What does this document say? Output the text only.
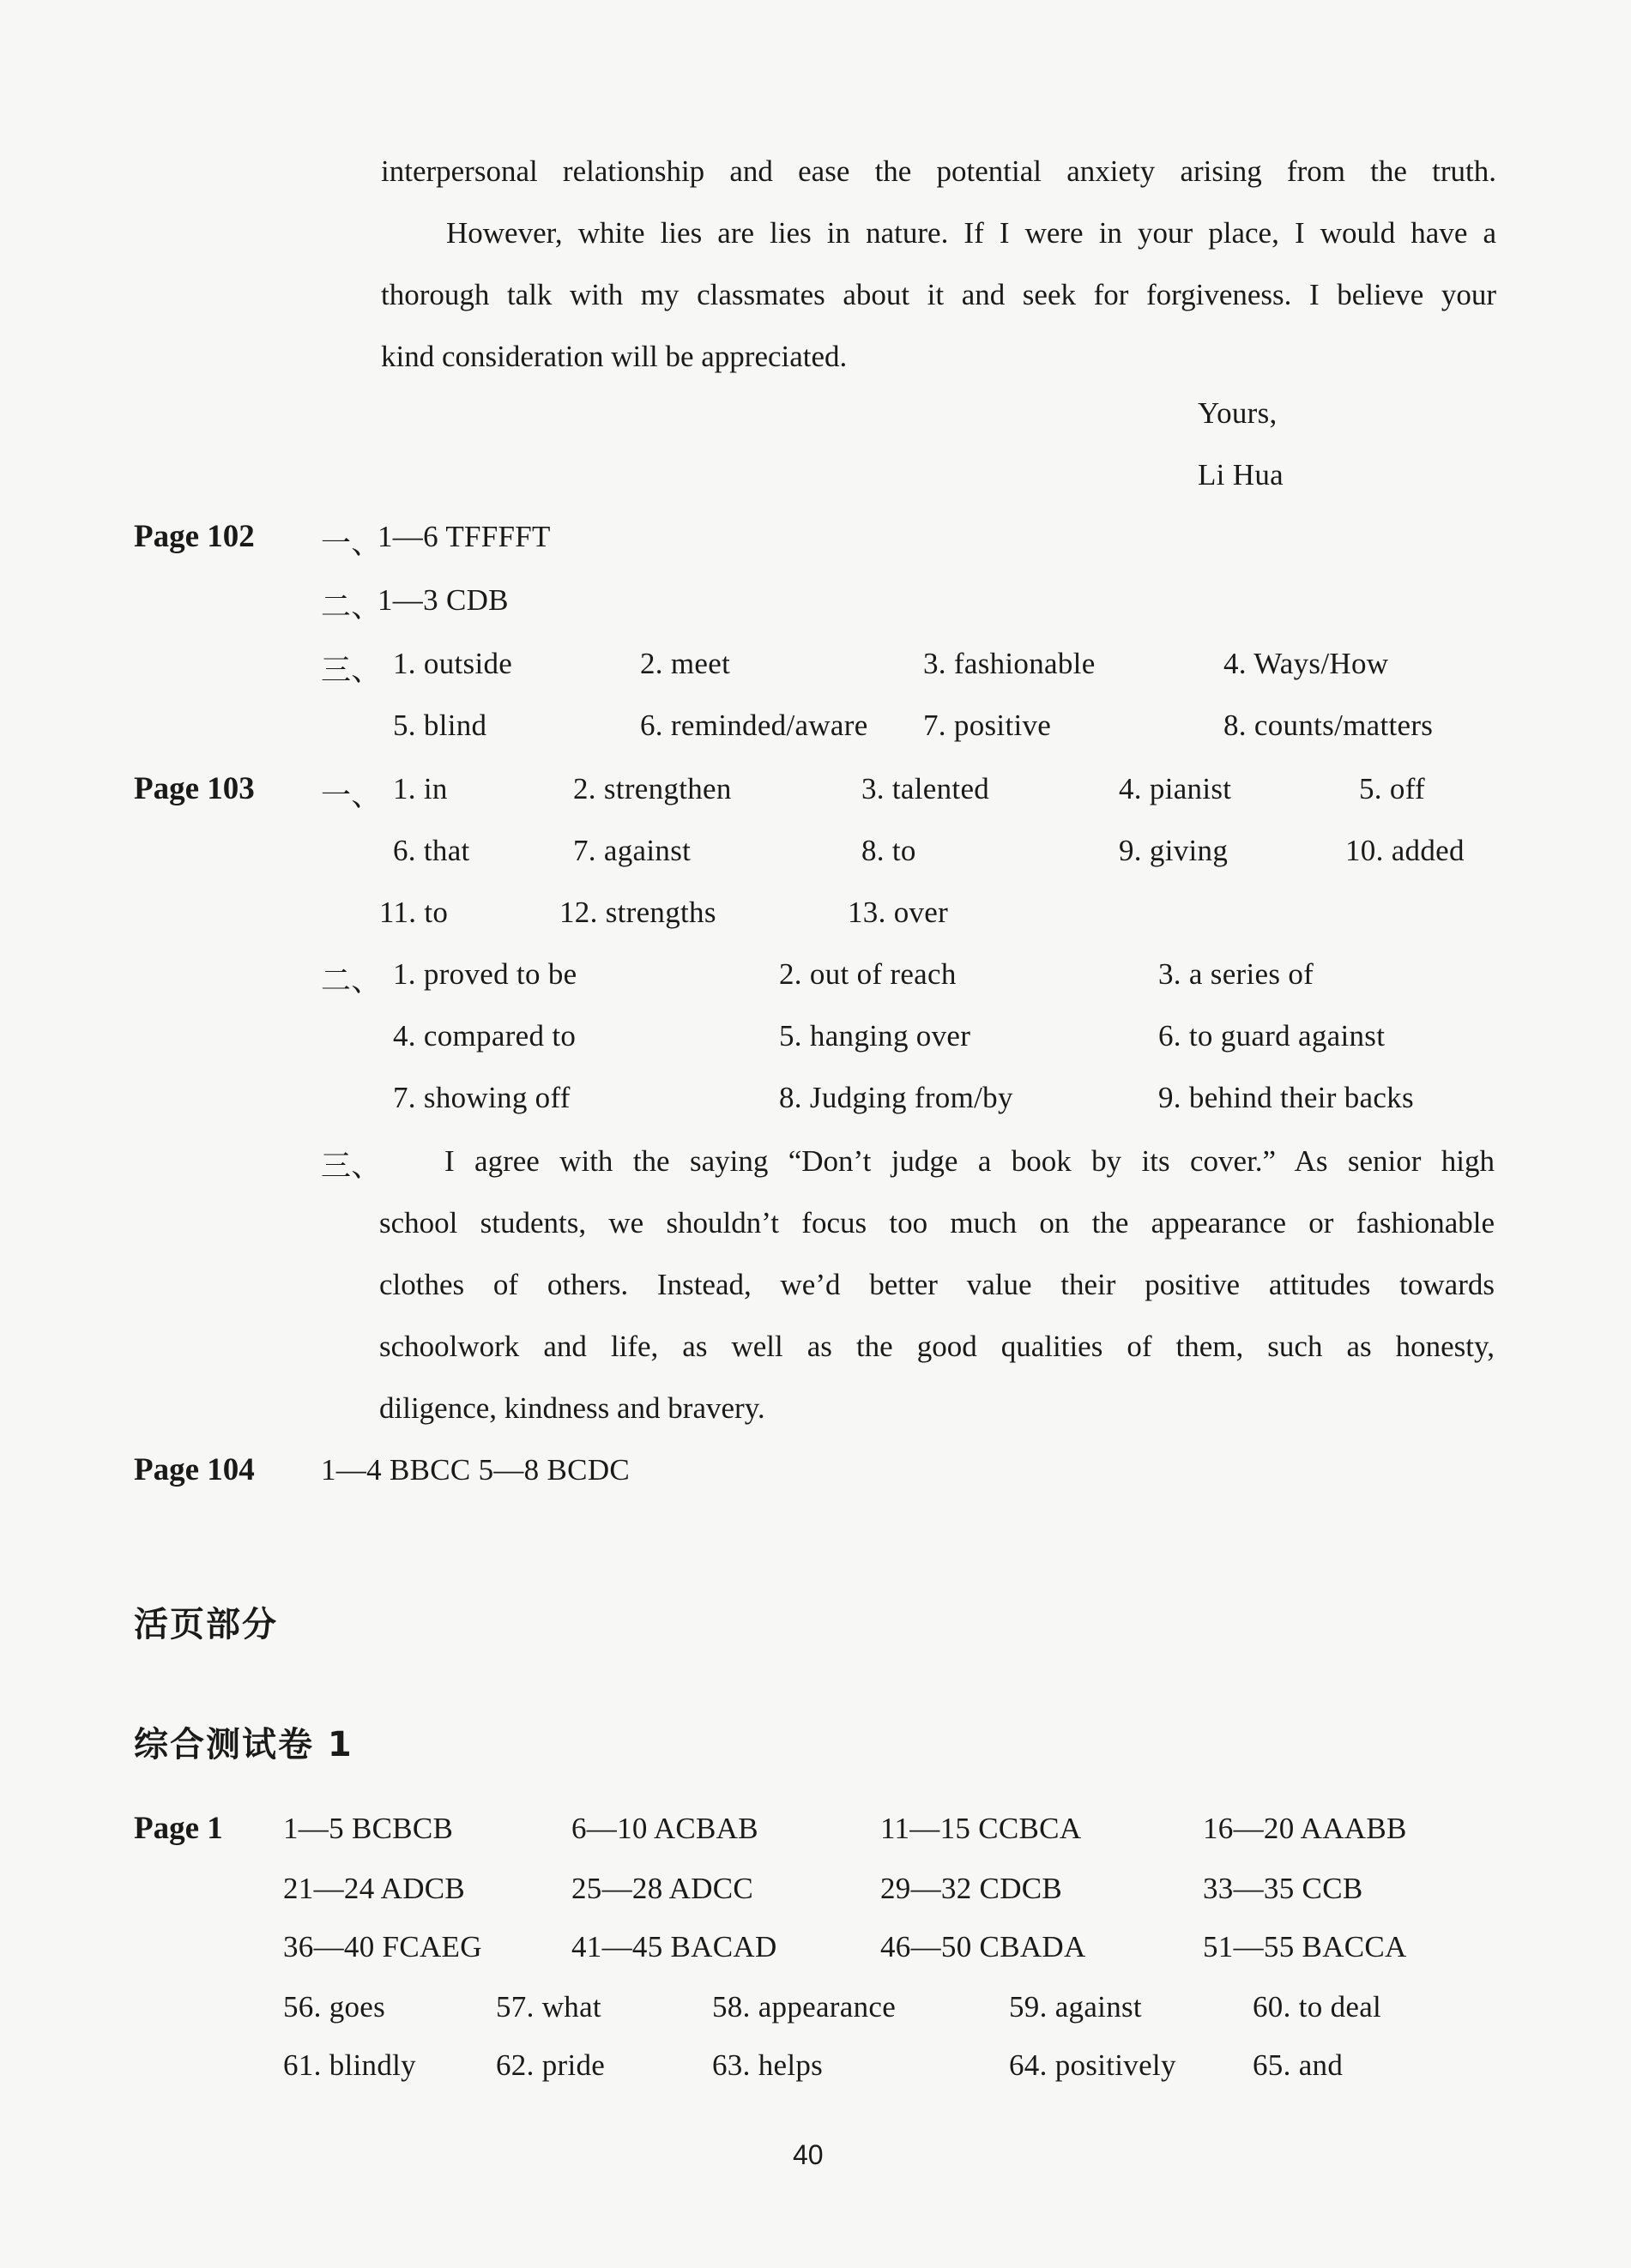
interpersonal relationship and ease the potential anxiety arising from the truth.
However, white lies are lies in nature. If I were in your place, I would have a
thorough talk with my classmates about it and seek for forgiveness. I believe your
kind consideration will be appreciated.
Yours,
Li Hua
Page 102 一、
1—6 TFFFFT
二、
1—3 CDB
三、 1. outside	2. meet	3. fashionable	4. Ways/How
5. blind	6. reminded/aware 7. positive	8. counts/matters
Page 103 一、 1. in	2. strengthen	3. talented	4. pianist	5. off
6. that	7. against	8. to	9. giving	10. added
11. to	12. strengths	13. over
二、 1. proved to be	2. out of reach	3. a series of
4. compared to	5. hanging over	6. to guard against
7. showing off	8. Judging from/by	9. behind their backs
三、	I agree with the saying “Don’t judge a book by its cover.” As senior high
school students, we shouldn’t focus too much on the appearance or fashionable
clothes of others. Instead, we’d better value their positive attitudes towards
schoolwork and life, as well as the good qualities of them, such as honesty,
diligence, kindness and bravery.
Page 104 1—4 BBCC 5—8 BCDC
活页部分
综合测试卷 1
Page 1 1—5 BCBCB	6—10 ACBAB	11—15 CCBCA	16—20 AAABB
21—24 ADCB	25—28 ADCC	29—32 CDCB	33—35 CCB
36—40 FCAEG	41—45 BACAD	46—50 CBADA	51—55 BACCA
56. goes	57. what	58. appearance	59. against	60. to deal
61. blindly	62. pride	63. helps	64. positively	65. and
40
